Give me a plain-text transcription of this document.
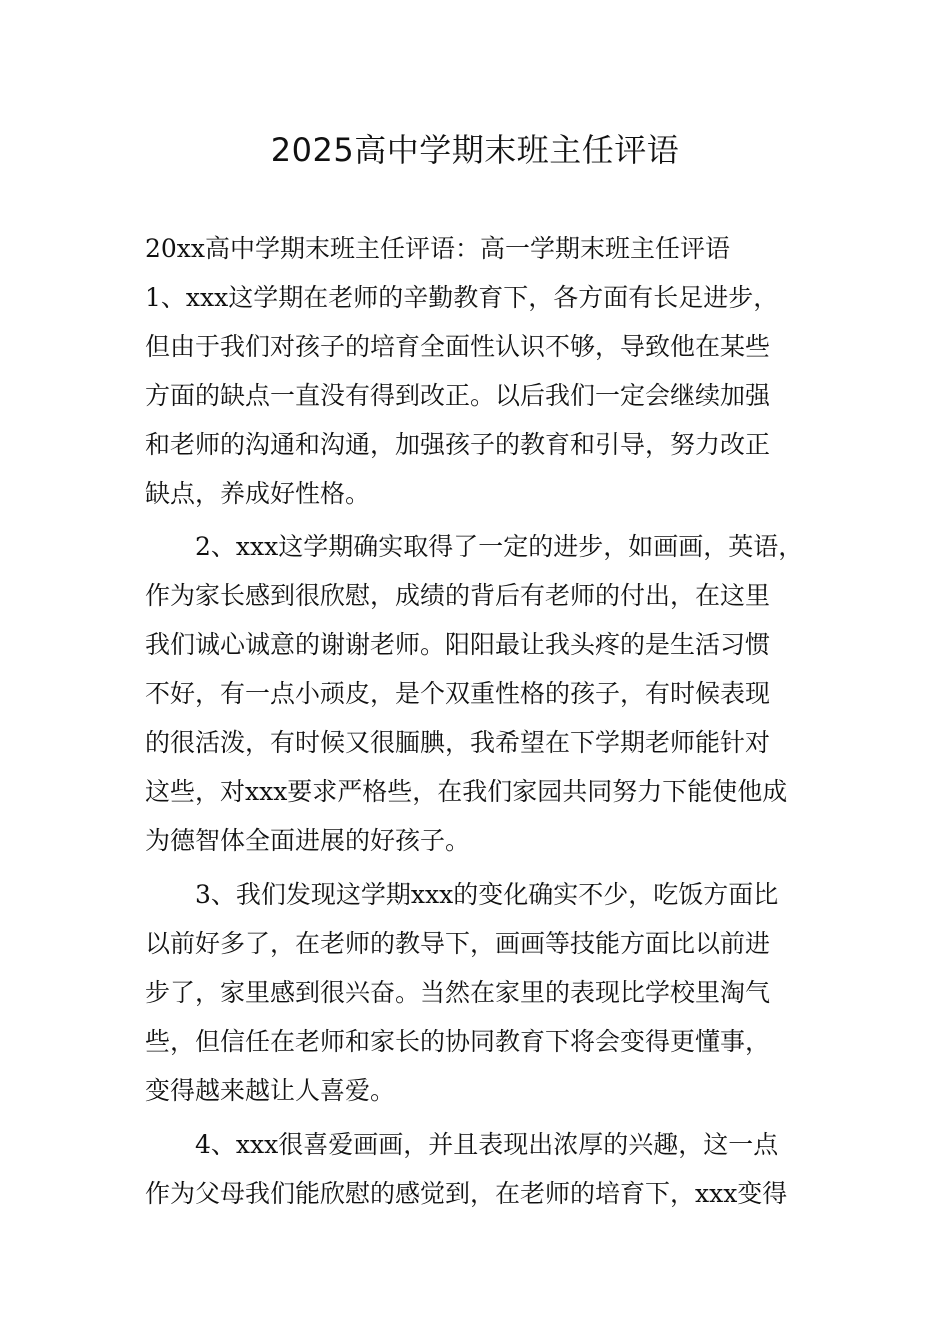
2025高中学期末班主任评语
20xx高中学期末班主任评语：高一学期末班主任评语
1、xxx这学期在老师的辛勤教育下，各方面有长足进步，
但由于我们对孩子的培育全面性认识不够，导致他在某些
方面的缺点一直没有得到改正。以后我们一定会继续加强
和老师的沟通和沟通，加强孩子的教育和引导，努力改正
缺点，养成好性格。
2、xxx这学期确实取得了一定的进步，如画画，英语，
作为家长感到很欣慰，成绩的背后有老师的付出，在这里
我们诚心诚意的谢谢老师。阳阳最让我头疼的是生活习惯
不好，有一点小顽皮，是个双重性格的孩子，有时候表现
的很活泼，有时候又很腼腆，我希望在下学期老师能针对
这些，对xxx要求严格些，在我们家园共同努力下能使他成
为德智体全面进展的好孩子。
3、我们发现这学期xxx的变化确实不少，吃饭方面比
以前好多了，在老师的教导下，画画等技能方面比以前进
步了，家里感到很兴奋。当然在家里的表现比学校里淘气
些，但信任在老师和家长的协同教育下将会变得更懂事，
变得越来越让人喜爱。
4、xxx很喜爱画画，并且表现出浓厚的兴趣，这一点
作为父母我们能欣慰的感觉到，在老师的培育下，xxx变得
